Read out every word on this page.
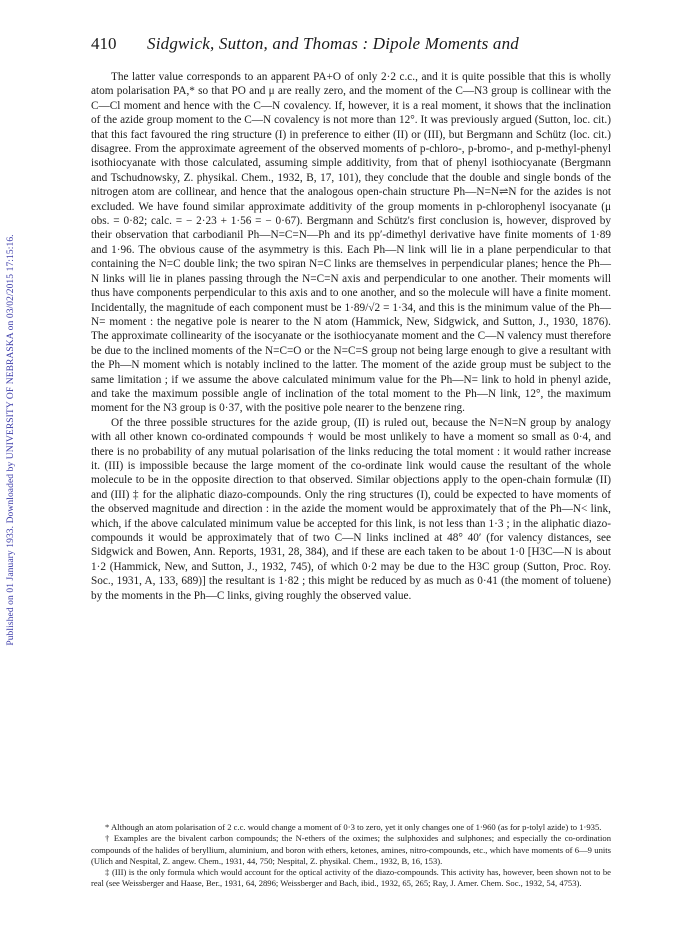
Published on 01 January 1933. Downloaded by UNIVERSITY OF NEBRASKA on 03/02/2015 17:15:16.
410 Sidgwick, Sutton, and Thomas : Dipole Moments and

The latter value corresponds to an apparent PA+O of only 2·2 c.c., and it is quite possible that this is wholly atom polarisation PA,* so that PO and μ are really zero, and the moment of the C—N3 group is collinear with the C—Cl moment and hence with the C—N covalency. If, however, it is a real moment, it shows that the inclination of the azide group moment to the C—N covalency is not more than 12°. It was previously argued (Sutton, loc. cit.) that this fact favoured the ring structure (I) in preference to either (II) or (III), but Bergmann and Schütz (loc. cit.) disagree. From the approximate agreement of the observed moments of p-chloro-, p-bromo-, and p-methyl-phenyl isothiocyanate with those calculated, assuming simple additivity, from that of phenyl isothiocyanate (Bergmann and Tschudnowsky, Z. physikal. Chem., 1932, B, 17, 101), they conclude that the double and single bonds of the nitrogen atom are collinear, and hence that the analogous open-chain structure Ph—N=N⇌N for the azides is not excluded. We have found similar approximate additivity of the group moments in p-chlorophenyl isocyanate (μ obs. = 0·82; calc. = − 2·23 + 1·56 = − 0·67). Bergmann and Schütz's first conclusion is, however, disproved by their observation that carbodianil Ph—N=C=N—Ph and its pp′-dimethyl derivative have finite moments of 1·89 and 1·96. The obvious cause of the asymmetry is this. Each Ph—N link will lie in a plane perpendicular to that containing the N=C double link; the two spiran N=C links are themselves in perpendicular planes; hence the Ph—N links will lie in planes passing through the N=C=N axis and perpendicular to one another. Their moments will thus have components perpendicular to this axis and to one another, and so the molecule will have a finite moment. Incidentally, the magnitude of each component must be 1·89/√2 = 1·34, and this is the minimum value of the Ph—N= moment : the negative pole is nearer to the N atom (Hammick, New, Sidgwick, and Sutton, J., 1930, 1876). The approximate collinearity of the isocyanate or the isothiocyanate moment and the C—N valency must therefore be due to the inclined moments of the N=C=O or the N=C=S group not being large enough to give a resultant with the Ph—N moment which is notably inclined to the latter. The moment of the azide group must be subject to the same limitation ; if we assume the above calculated minimum value for the Ph—N= link to hold in phenyl azide, and take the maximum possible angle of inclination of the total moment to the Ph—N link, 12°, the maximum moment for the N3 group is 0·37, with the positive pole nearer to the benzene ring.

Of the three possible structures for the azide group, (II) is ruled out, because the N=N=N group by analogy with all other known co-ordinated compounds † would be most unlikely to have a moment so small as 0·4, and there is no probability of any mutual polarisation of the links reducing the total moment : it would rather increase it. (III) is impossible because the large moment of the co-ordinate link would cause the resultant of the whole molecule to be in the opposite direction to that observed. Similar objections apply to the open-chain formulæ (II) and (III) ‡ for the aliphatic diazo-compounds. Only the ring structures (I), could be expected to have moments of the observed magnitude and direction : in the azide the moment would be approximately that of the Ph—N< link, which, if the above calculated minimum value be accepted for this link, is not less than 1·3 ; in the aliphatic diazo-compounds it would be approximately that of two C—N links inclined at 48° 40′ (for valency distances, see Sidgwick and Bowen, Ann. Reports, 1931, 28, 384), and if these are each taken to be about 1·0 [H3C—N is about 1·2 (Hammick, New, and Sutton, J., 1932, 745), of which 0·2 may be due to the H3C group (Sutton, Proc. Roy. Soc., 1931, A, 133, 689)] the resultant is 1·82 ; this might be reduced by as much as 0·41 (the moment of toluene) by the moments in the Ph—C links, giving roughly the observed value.

* Although an atom polarisation of 2 c.c. would change a moment of 0·3 to zero, yet it only changes one of 1·960 (as for p-tolyl azide) to 1·935.

† Examples are the bivalent carbon compounds; the N-ethers of the oximes; the sulphoxides and sulphones; and especially the co-ordination compounds of the halides of beryllium, aluminium, and boron with ethers, ketones, amines, nitro-compounds, etc., which have moments of 6—9 units (Ulich and Nespital, Z. angew. Chem., 1931, 44, 750; Nespital, Z. physikal. Chem., 1932, B, 16, 153).

‡ (III) is the only formula which would account for the optical activity of the diazo-compounds. This activity has, however, been shown not to be real (see Weissberger and Haase, Ber., 1931, 64, 2896; Weissberger and Bach, ibid., 1932, 65, 265; Ray, J. Amer. Chem. Soc., 1932, 54, 4753).
